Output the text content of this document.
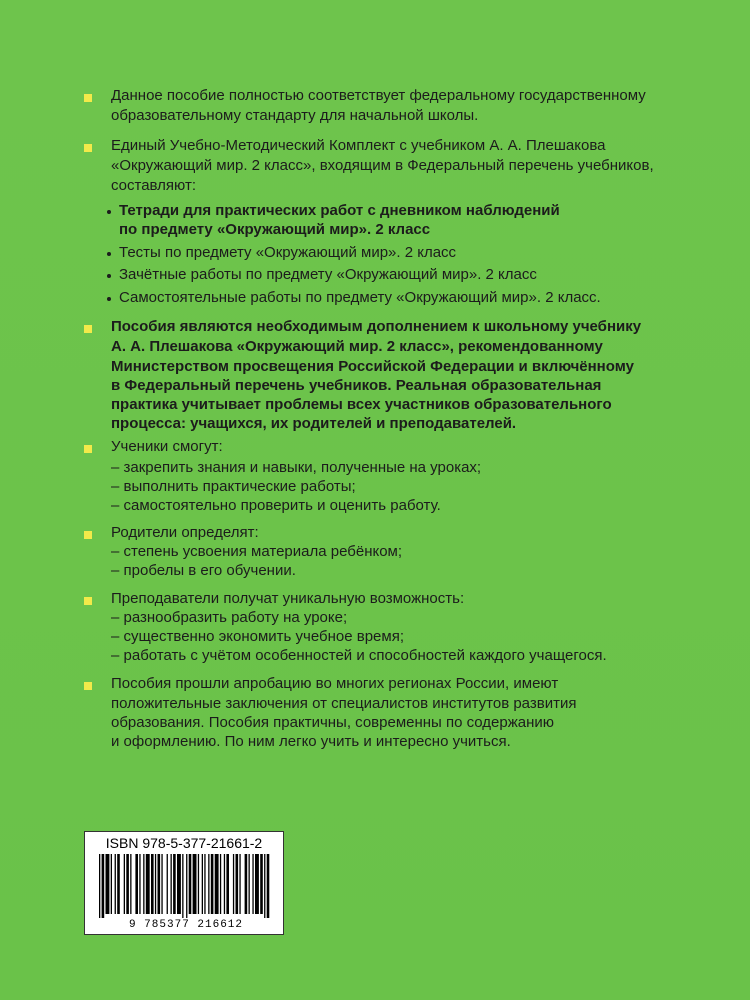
Данное пособие полностью соответствует федеральному государственному
образовательному стандарту для начальной школы.
Единый Учебно-Методический Комплект с учебником А. А. Плешакова
«Окружающий мир. 2 класс», входящим в Федеральный перечень учебников,
составляют:
Тетради для практических работ с дневником наблюдений
по предмету «Окружающий мир». 2 класс
Тесты по предмету «Окружающий мир». 2 класс
Зачётные работы по предмету «Окружающий мир». 2 класс
Самостоятельные работы по предмету «Окружающий мир». 2 класс.
Пособия являются необходимым дополнением к школьному учебнику
А. А. Плешакова «Окружающий мир. 2 класс», рекомендованному
Министерством просвещения Российской Федерации и включённому
в Федеральный перечень учебников. Реальная образовательная
практика учитывает проблемы всех участников образовательного
процесса: учащихся, их родителей и преподавателей.
Ученики смогут:
– закрепить знания и навыки, полученные на уроках;
– выполнить практические работы;
– самостоятельно проверить и оценить работу.
Родители определят:
– степень усвоения материала ребёнком;
– пробелы в его обучении.
Преподаватели получат уникальную возможность:
– разнообразить работу на уроке;
– существенно экономить учебное время;
– работать с учётом особенностей и способностей каждого учащегося.
Пособия прошли апробацию во многих регионах России, имеют
положительные заключения от специалистов институтов развития
образования. Пособия практичны, современны по содержанию
и оформлению. По ним легко учить и интересно учиться.
ISBN 978-5-377-21661-2
9 785377 216612
